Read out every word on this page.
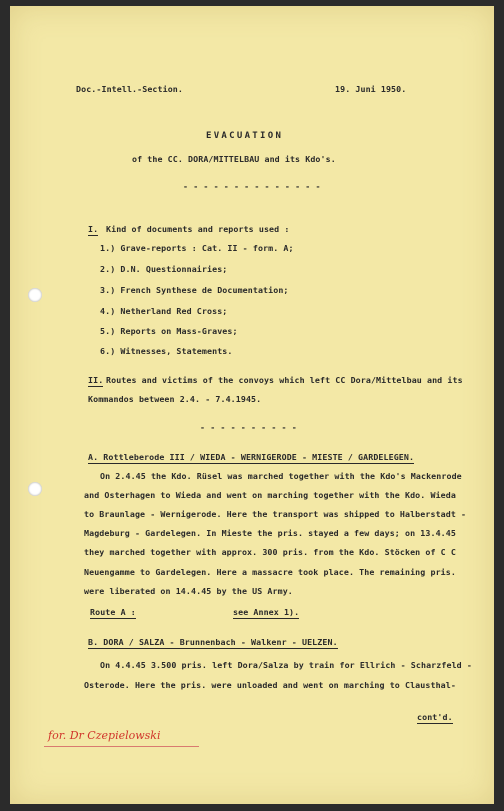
Doc.-Intell.-Section.	19. Juni 1950.
EVACUATION
of the CC. DORA/MITTELBAU and its Kdo's.
- - - - - - - - - - - - - -
I. Kind of documents and reports used :
1.) Grave-reports : Cat. II - form. A;
2.) D.N. Questionnairies;
3.) French Synthese de Documentation;
4.) Netherland Red Cross;
5.) Reports on Mass-Graves;
6.) Witnesses, Statements.
II. Routes and victims of the convoys which left CC Dora/Mittelbau and its
Kommandos between 2.4. - 7.4.1945.
- - - - - - - - - -
A. Rottleberode III / WIEDA - WERNIGERODE - MIESTE / GARDELEGEN.
On 2.4.45 the Kdo. Rüsel was marched together with the Kdo's Mackenrode
and Osterhagen to Wieda and went on marching together with the Kdo. Wieda
to Braunlage - Wernigerode. Here the transport was shipped to Halberstadt -
Magdeburg - Gardelegen. In Mieste the pris. stayed a few days; on 13.4.45
they marched together with approx. 300 pris. from the Kdo. Stöcken of C C
Neuengamme to Gardelegen. Here a massacre took place. The remaining pris.
were liberated on 14.4.45 by the US Army.
Route A :	see Annex 1).
B. DORA / SALZA - Brunnenbach - Walkenr - UELZEN.
On 4.4.45 3.500 pris. left Dora/Salza by train for Ellrich - Scharzfeld -
Osterode. Here the pris. were unloaded and went on marching to Clausthal-
cont'd.
for. Dr Czepielowski
